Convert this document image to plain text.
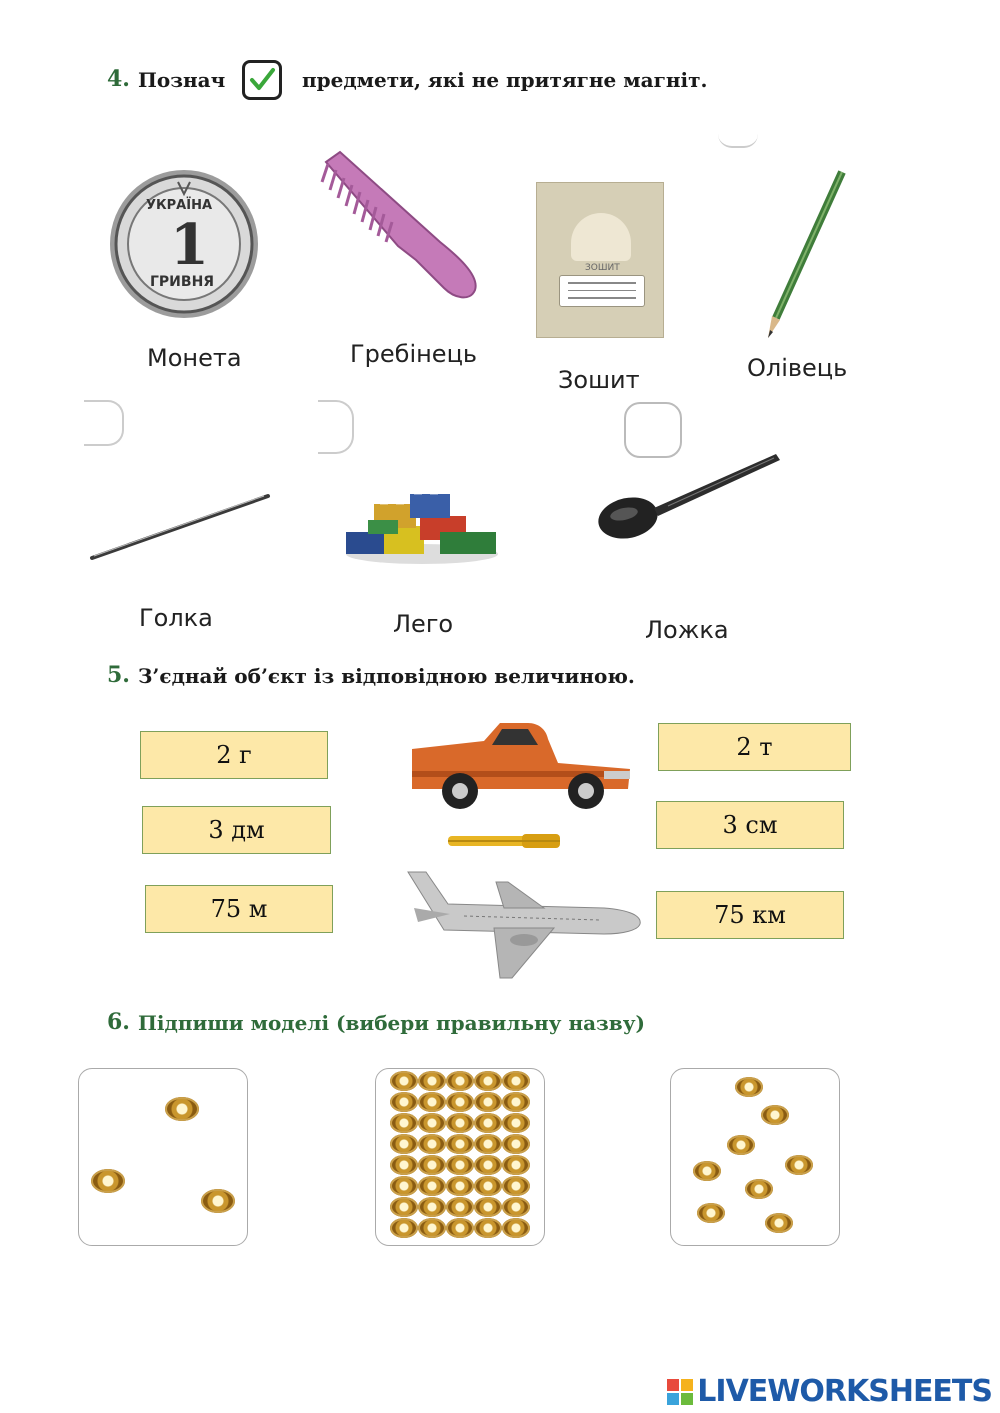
4. Познач	предмети, які не притягне магніт.
УКРАЇНА
1
ГРИВНЯ
Монета	Гребінець
ЗОШИТ
Зошит	Олівець
Голка	Лего	Ложка
5. З’єднай об’єкт із відповідною величиною.
2 г
3 дм
75 м
2 т
3 см
75 км
6. Підпиши моделі (вибери правильну назву)
LIVEWORKSHEETS
